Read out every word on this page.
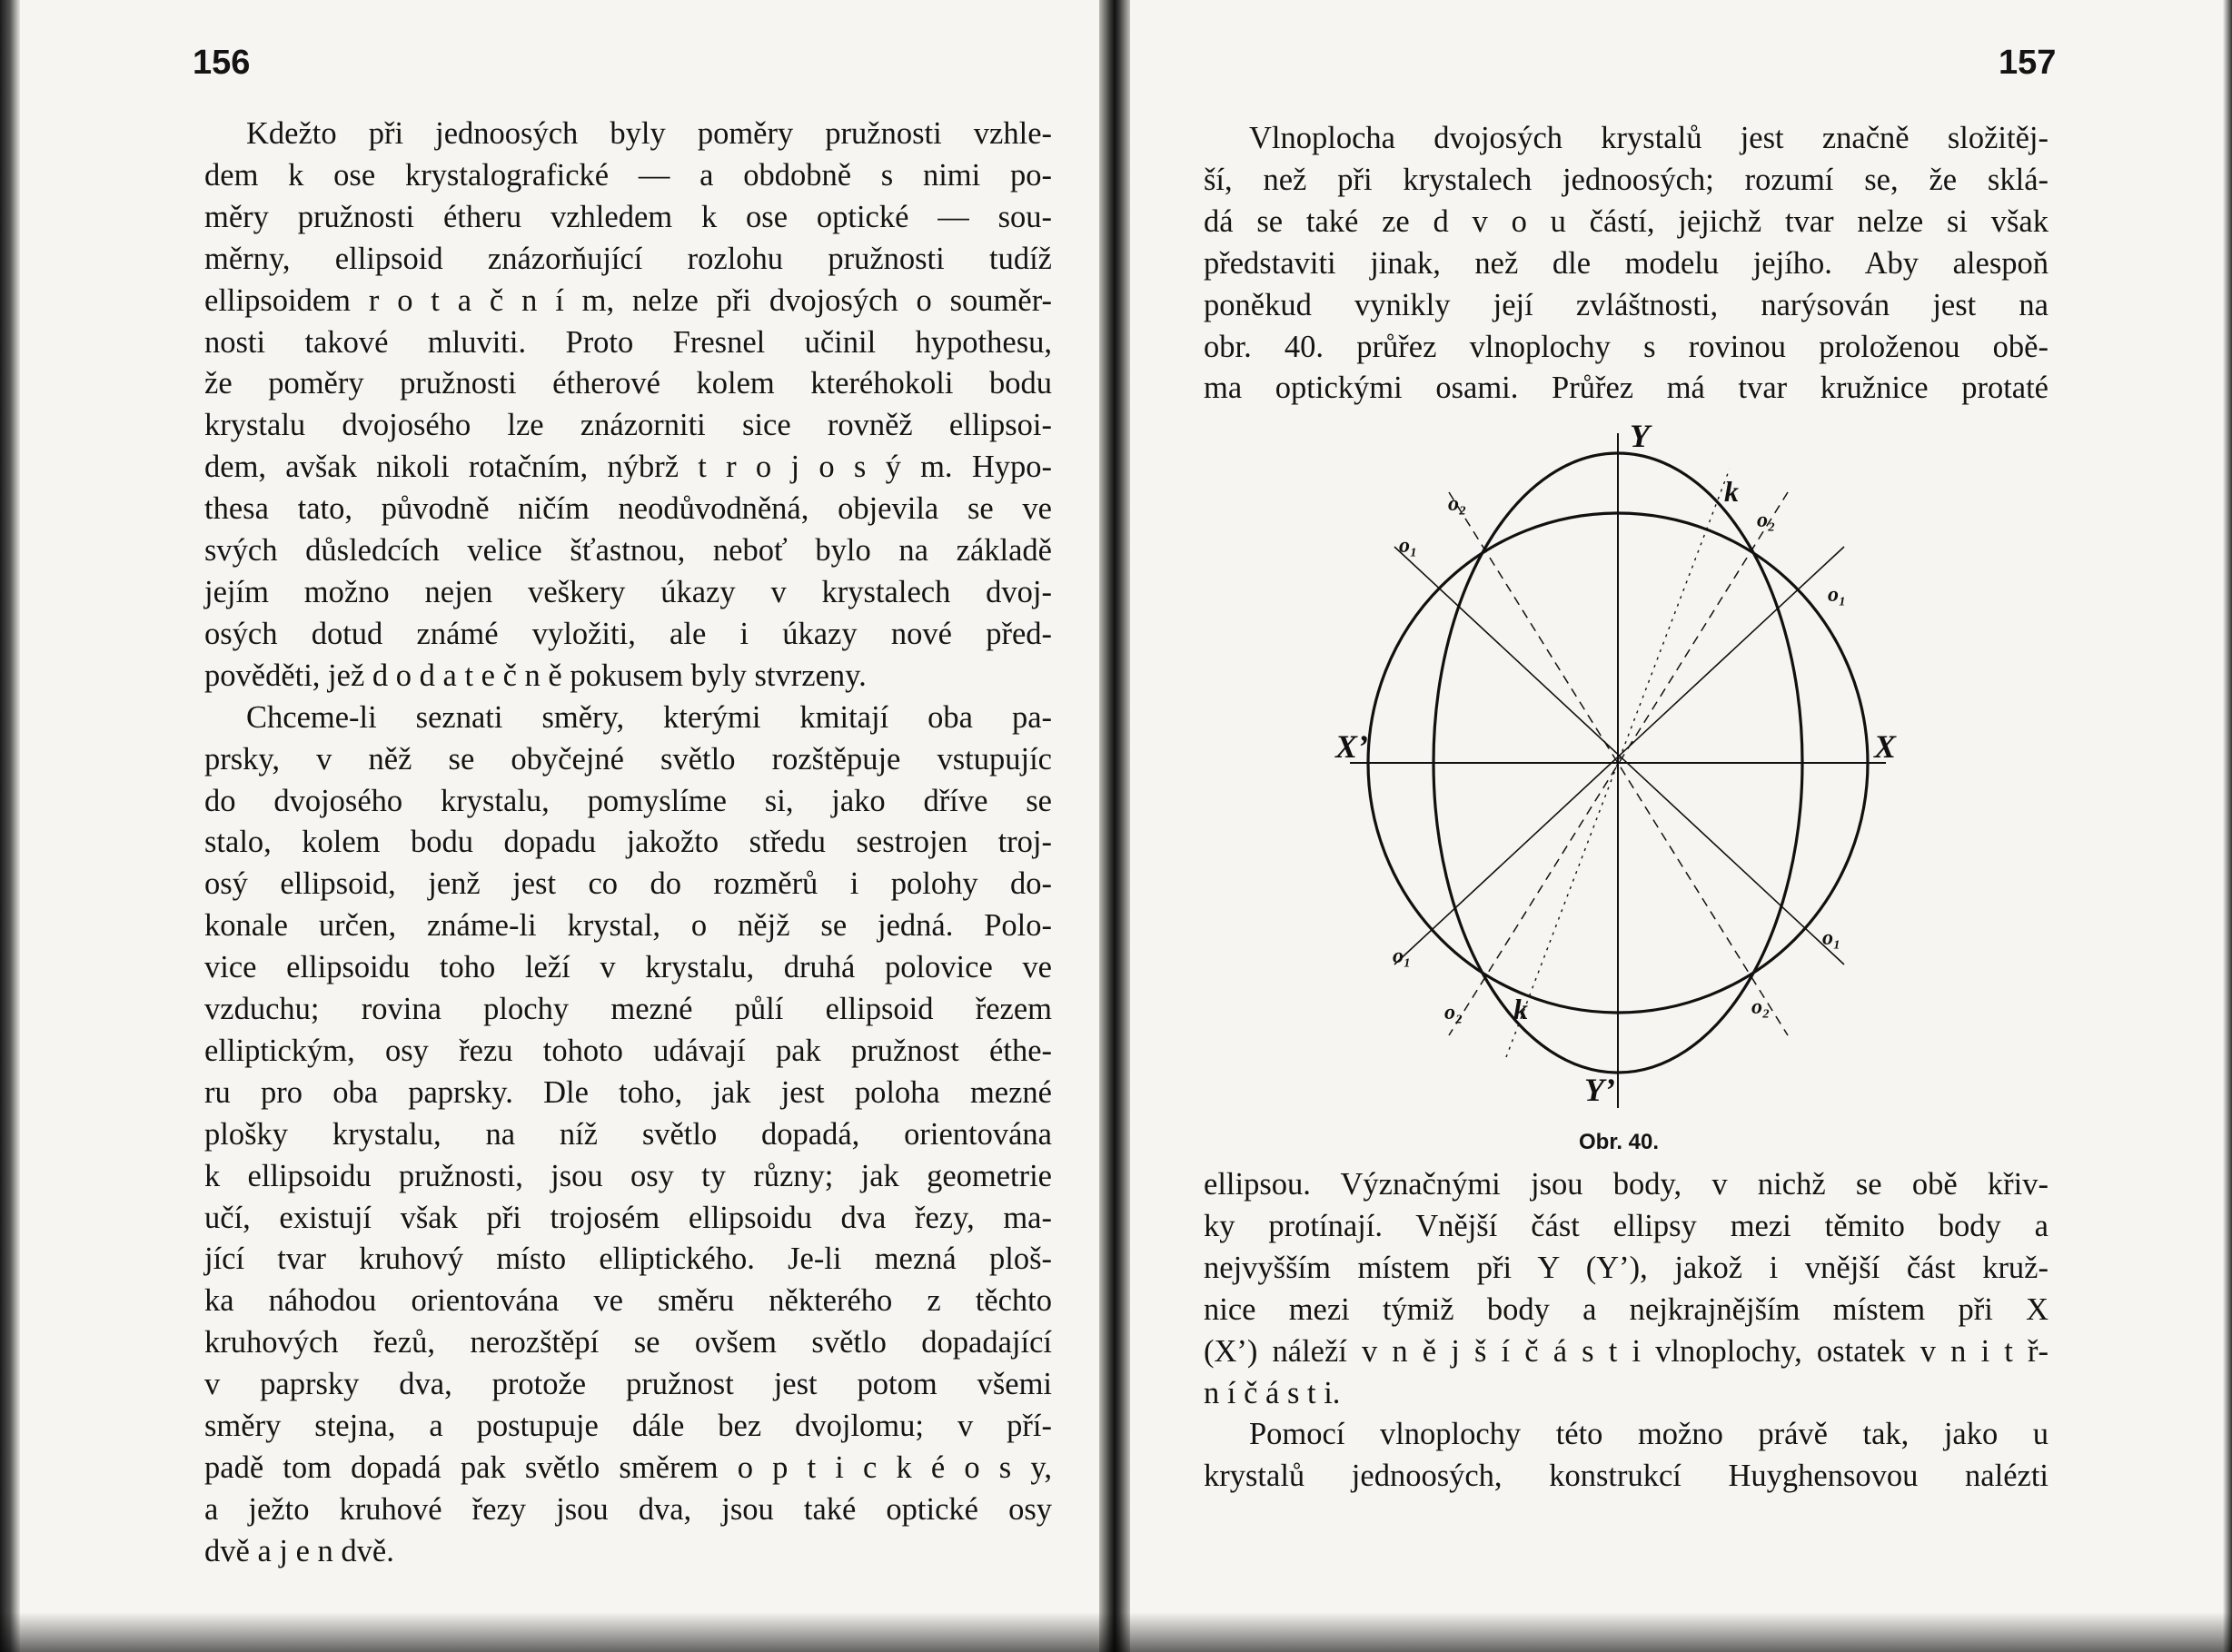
156	157
Kdežto při jednoosých byly poměry pružnosti vzhle-
dem k ose krystalografické — a obdobně s nimi po-
měry pružnosti étheru vzhledem k ose optické — sou-
měrny, ellipsoid znázorňující rozlohu pružnosti tudíž
ellipsoidem r o t a č n í m, nelze při dvojosých o souměr-
nosti takové mluviti. Proto Fresnel učinil hypothesu,
že poměry pružnosti étherové kolem kteréhokoli bodu
krystalu dvojosého lze znázorniti sice rovněž ellipsoi-
dem, avšak nikoli rotačním, nýbrž t r o j o s ý m. Hypo-
thesa tato, původně ničím neodůvodněná, objevila se ve
svých důsledcích velice šťastnou, neboť bylo na základě
jejím možno nejen veškery úkazy v krystalech dvoj-
osých dotud známé vyložiti, ale i úkazy nové před-
pověděti, jež d o d a t e č n ě pokusem byly stvrzeny.
Chceme-li seznati směry, kterými kmitají oba pa-
prsky, v něž se obyčejné světlo rozštěpuje vstupujíc
do dvojosého krystalu, pomyslíme si, jako dříve se
stalo, kolem bodu dopadu jakožto středu sestrojen troj-
osý ellipsoid, jenž jest co do rozměrů i polohy do-
konale určen, známe-li krystal, o nějž se jedná. Polo-
vice ellipsoidu toho leží v krystalu, druhá polovice ve
vzduchu; rovina plochy mezné půlí ellipsoid řezem
elliptickým, osy řezu tohoto udávají pak pružnost éthe-
ru pro oba paprsky. Dle toho, jak jest poloha mezné
plošky krystalu, na níž světlo dopadá, orientována
k ellipsoidu pružnosti, jsou osy ty různy; jak geometrie
učí, existují však při trojosém ellipsoidu dva řezy, ma-
jící tvar kruhový místo elliptického. Je-li mezná ploš-
ka náhodou orientována ve směru některého z těchto
kruhových řezů, nerozštěpí se ovšem světlo dopadající
v paprsky dva, protože pružnost jest potom všemi
směry stejna, a postupuje dále bez dvojlomu; v pří-
padě tom dopadá pak světlo směrem o p t i c k é o s y,
a ježto kruhové řezy jsou dva, jsou také optické osy
dvě a j e n dvě.
Vlnoplocha dvojosých krystalů jest značně složitěj-
ší, než při krystalech jednoosých; rozumí se, že sklá-
dá se také ze d v o u částí, jejichž tvar nelze si však
představiti jinak, než dle modelu jejího. Aby alespoň
poněkud vynikly její zvláštnosti, narýsován jest na
obr. 40. průřez vlnoplochy s rovinou proloženou obě-
ma optickými osami. Průřez má tvar kružnice protaté
Y
Y’
X
X’
k
k
o₂
o₁
o₂
o₁
o₁
o₂	o₂
o₁
Obr. 40.
ellipsou. Význačnými jsou body, v nichž se obě křiv-
ky protínají. Vnější část ellipsy mezi těmito body a
nejvyšším místem při Y (Y’), jakož i vnější část kruž-
nice mezi týmiž body a nejkrajnějším místem při X
(X’) náleží v n ě j š í č á s t i vlnoplochy, ostatek v n i t ř-
n í č á s t i.
Pomocí vlnoplochy této možno právě tak, jako u
krystalů jednoosých, konstrukcí Huyghensovou nalézti
